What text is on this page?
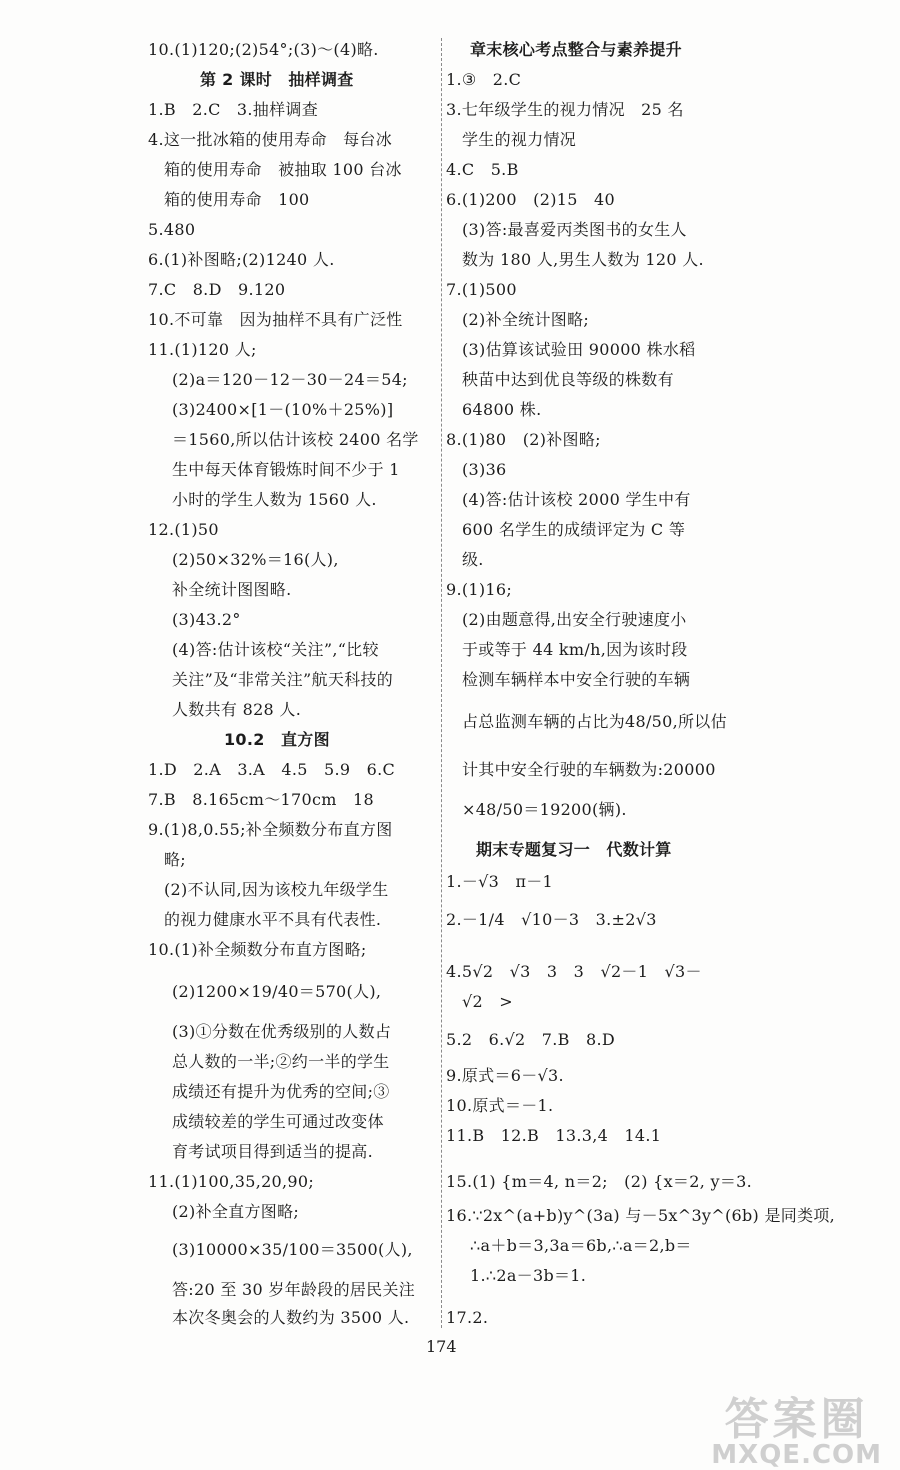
10.(1)120;(2)54°;(3)～(4)略.
第 2 课时　抽样调查
1.B　2.C　3.抽样调查
4.这一批冰箱的使用寿命　每台冰
箱的使用寿命　被抽取 100 台冰
箱的使用寿命　100
5.480
6.(1)补图略;(2)1240 人.
7.C　8.D　9.120
10.不可靠　因为抽样不具有广泛性
11.(1)120 人;
(2)a＝120－12－30－24＝54;
(3)2400×[1－(10%＋25%)]
＝1560,所以估计该校 2400 名学
生中每天体育锻炼时间不少于 1
小时的学生人数为 1560 人.
12.(1)50
(2)50×32%＝16(人),
补全统计图图略.
(3)43.2°
(4)答:估计该校“关注”,“比较
关注”及“非常关注”航天科技的
人数共有 828 人.
10.2　直方图
1.D　2.A　3.A　4.5　5.9　6.C
7.B　8.165cm～170cm　18
9.(1)8,0.55;补全频数分布直方图
略;
(2)不认同,因为该校九年级学生
的视力健康水平不具有代表性.
10.(1)补全频数分布直方图略;
(2)1200×19/40＝570(人),
(3)①分数在优秀级别的人数占
总人数的一半;②约一半的学生
成绩还有提升为优秀的空间;③
成绩较差的学生可通过改变体
育考试项目得到适当的提高.
11.(1)100,35,20,90;
(2)补全直方图略;
(3)10000×35/100＝3500(人),
答:20 至 30 岁年龄段的居民关注
本次冬奥会的人数约为 3500 人.
章末核心考点整合与素养提升
1.③　2.C
3.七年级学生的视力情况　25 名
学生的视力情况
4.C　5.B
6.(1)200　(2)15　40
(3)答:最喜爱丙类图书的女生人
数为 180 人,男生人数为 120 人.
7.(1)500
(2)补全统计图略;
(3)估算该试验田 90000 株水稻
秧苗中达到优良等级的株数有
64800 株.
8.(1)80　(2)补图略;
(3)36
(4)答:估计该校 2000 学生中有
600 名学生的成绩评定为 C 等
级.
9.(1)16;
(2)由题意得,出安全行驶速度小
于或等于 44 km/h,因为该时段
检测车辆样本中安全行驶的车辆
占总监测车辆的占比为48/50,所以估
计其中安全行驶的车辆数为:20000
×48/50＝19200(辆).
期末专题复习一　代数计算
1.－√3　π－1
2.－1/4　√10－3　3.±2√3
4.5√2　√3　3　3　√2－1　√3－
√2　>
5.2　6.√2　7.B　8.D
9.原式＝6－√3.
10.原式＝－1.
11.B　12.B　13.3,4　14.1
15.(1) {m＝4, n＝2;　(2) {x＝2, y＝3.
16.∵2x^(a+b)y^(3a) 与－5x^3y^(6b) 是同类项,
∴a＋b＝3,3a＝6b,∴a＝2,b＝
1.∴2a－3b＝1.
17.2.
174
答案圈
MXQE.COM
